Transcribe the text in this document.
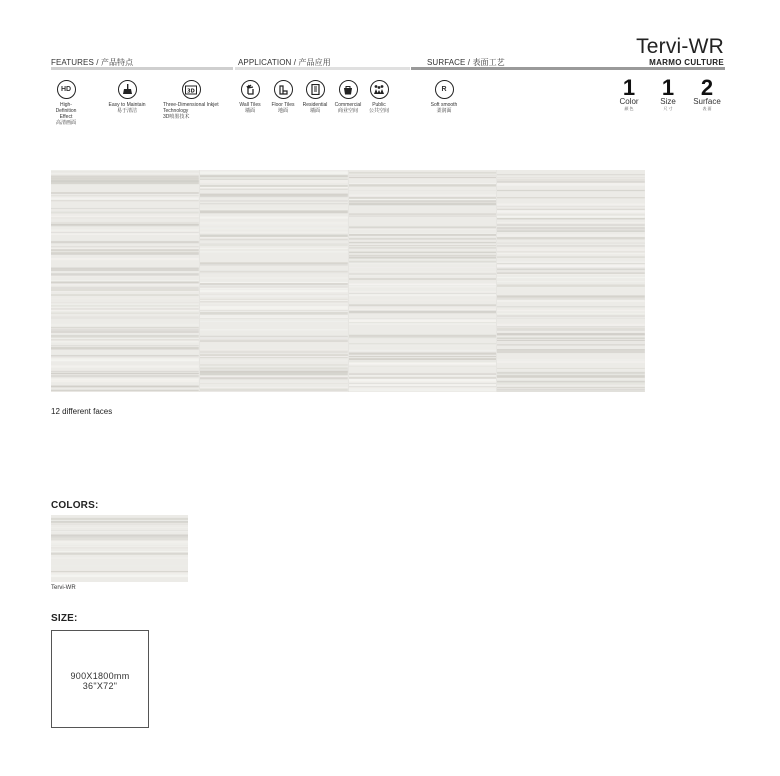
FEATURES / 产品特点	APPLICATION / 产品应用	SURFACE / 表面工艺
Tervi-WR
MARMO CULTURE
HD
High-Definition Effect
高清画面
Easy to Maintain
易于清洁
3D
Three-Dimensional Inkjet Technology
3D喷墨技术
Wall Tiles
墙面
Floor Tiles
地面
Residential
墙面
Commercial
商业空间
Public
公共空间
R
Soft smooth
柔润面
1
Color
颜 色
1
Size
尺 寸
2
Surface
表 面
12 different faces
COLORS:
Tervi-WR
SIZE:
900X1800mm
36"X72"
